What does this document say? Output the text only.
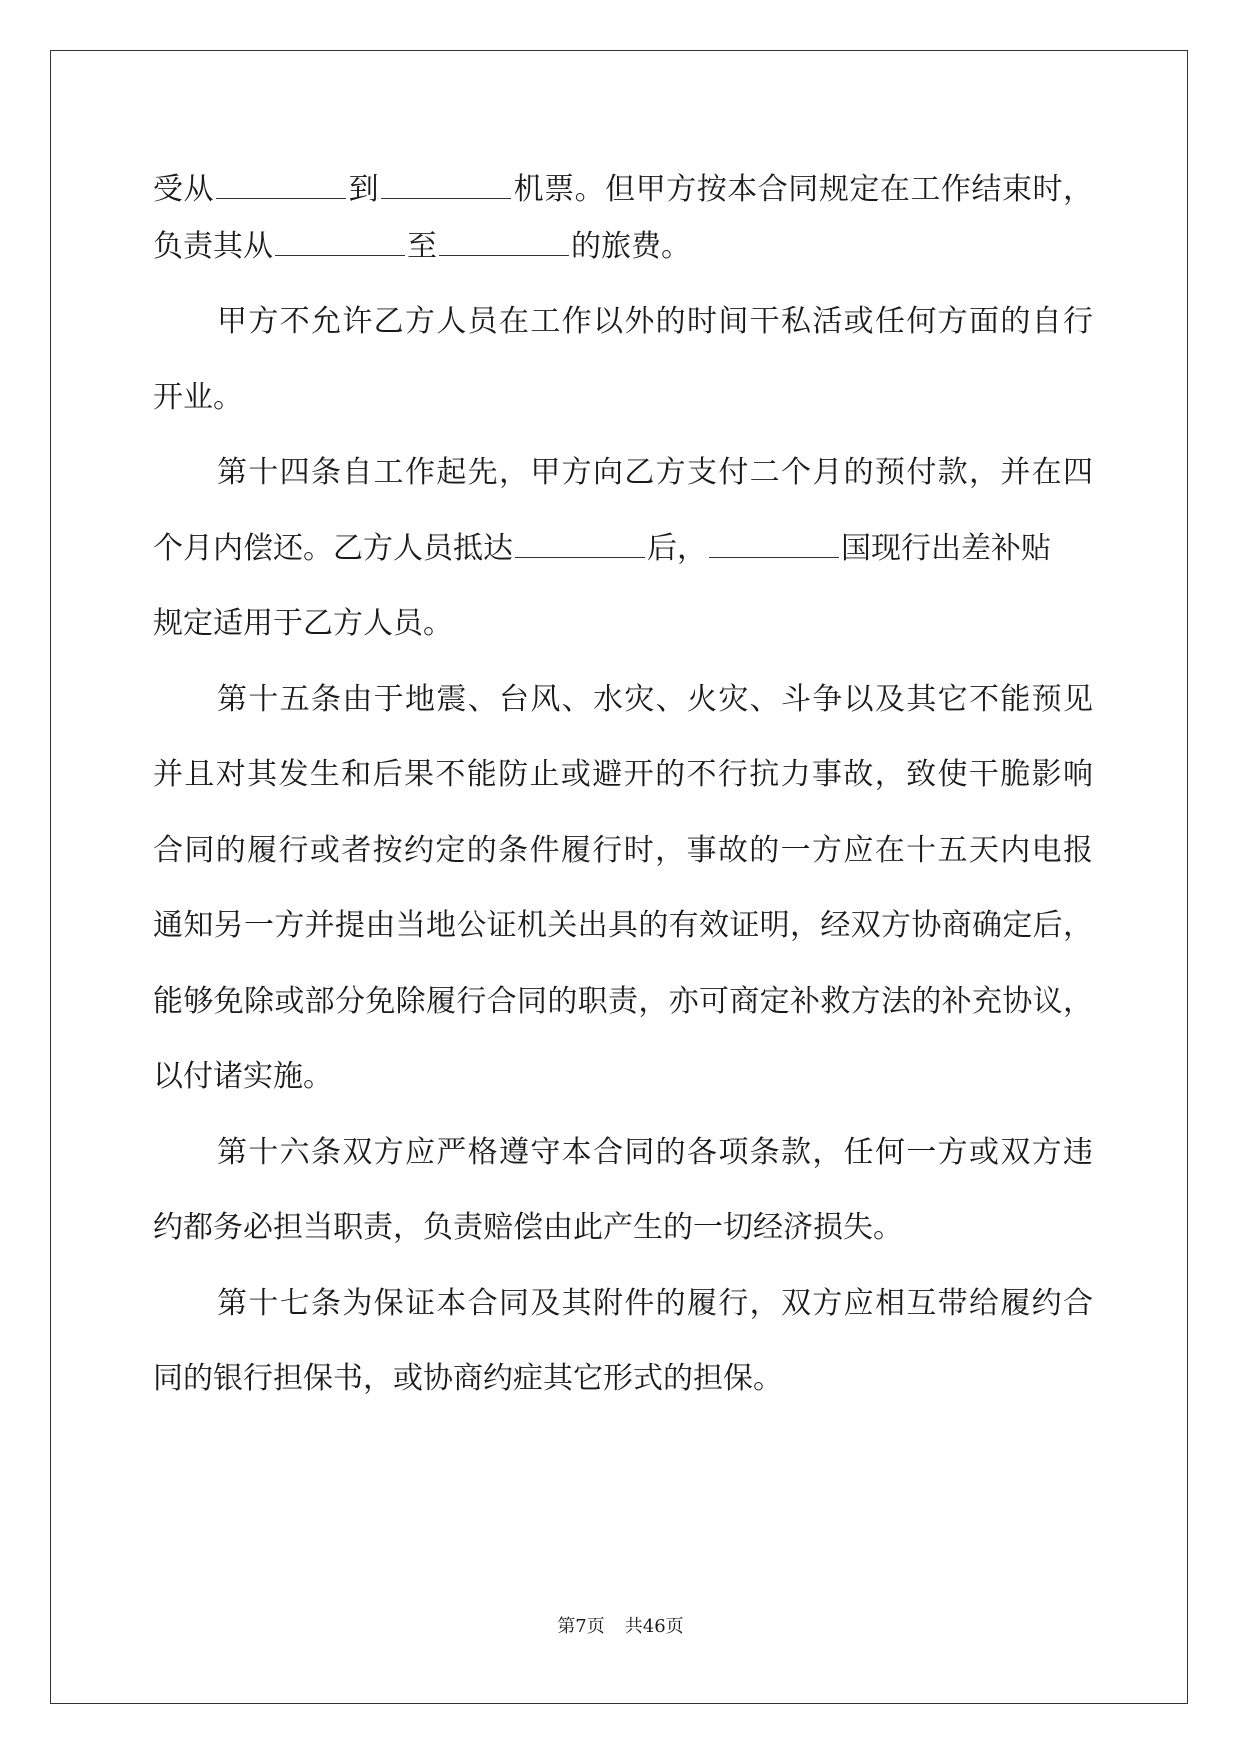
受从	到	机票。但甲方按本合同规定在工作结束时，
负责其从	至	的旅费。
甲方不允许乙方人员在工作以外的时间干私活或任何方面的自行
开业。
第十四条自工作起先，甲方向乙方支付二个月的预付款，并在四
个月内偿还。乙方人员抵达	后，	国现行出差补贴
规定适用于乙方人员。
第十五条由于地震、台风、水灾、火灾、斗争以及其它不能预见
并且对其发生和后果不能防止或避开的不行抗力事故，致使干脆影响
合同的履行或者按约定的条件履行时，事故的一方应在十五天内电报
通知另一方并提由当地公证机关出具的有效证明，经双方协商确定后，
能够免除或部分免除履行合同的职责，亦可商定补救方法的补充协议，
以付诸实施。
第十六条双方应严格遵守本合同的各项条款，任何一方或双方违
约都务必担当职责，负责赔偿由此产生的一切经济损失。
第十七条为保证本合同及其附件的履行，双方应相互带给履约合
同的银行担保书，或协商约症其它形式的担保。
第7页 共46页
